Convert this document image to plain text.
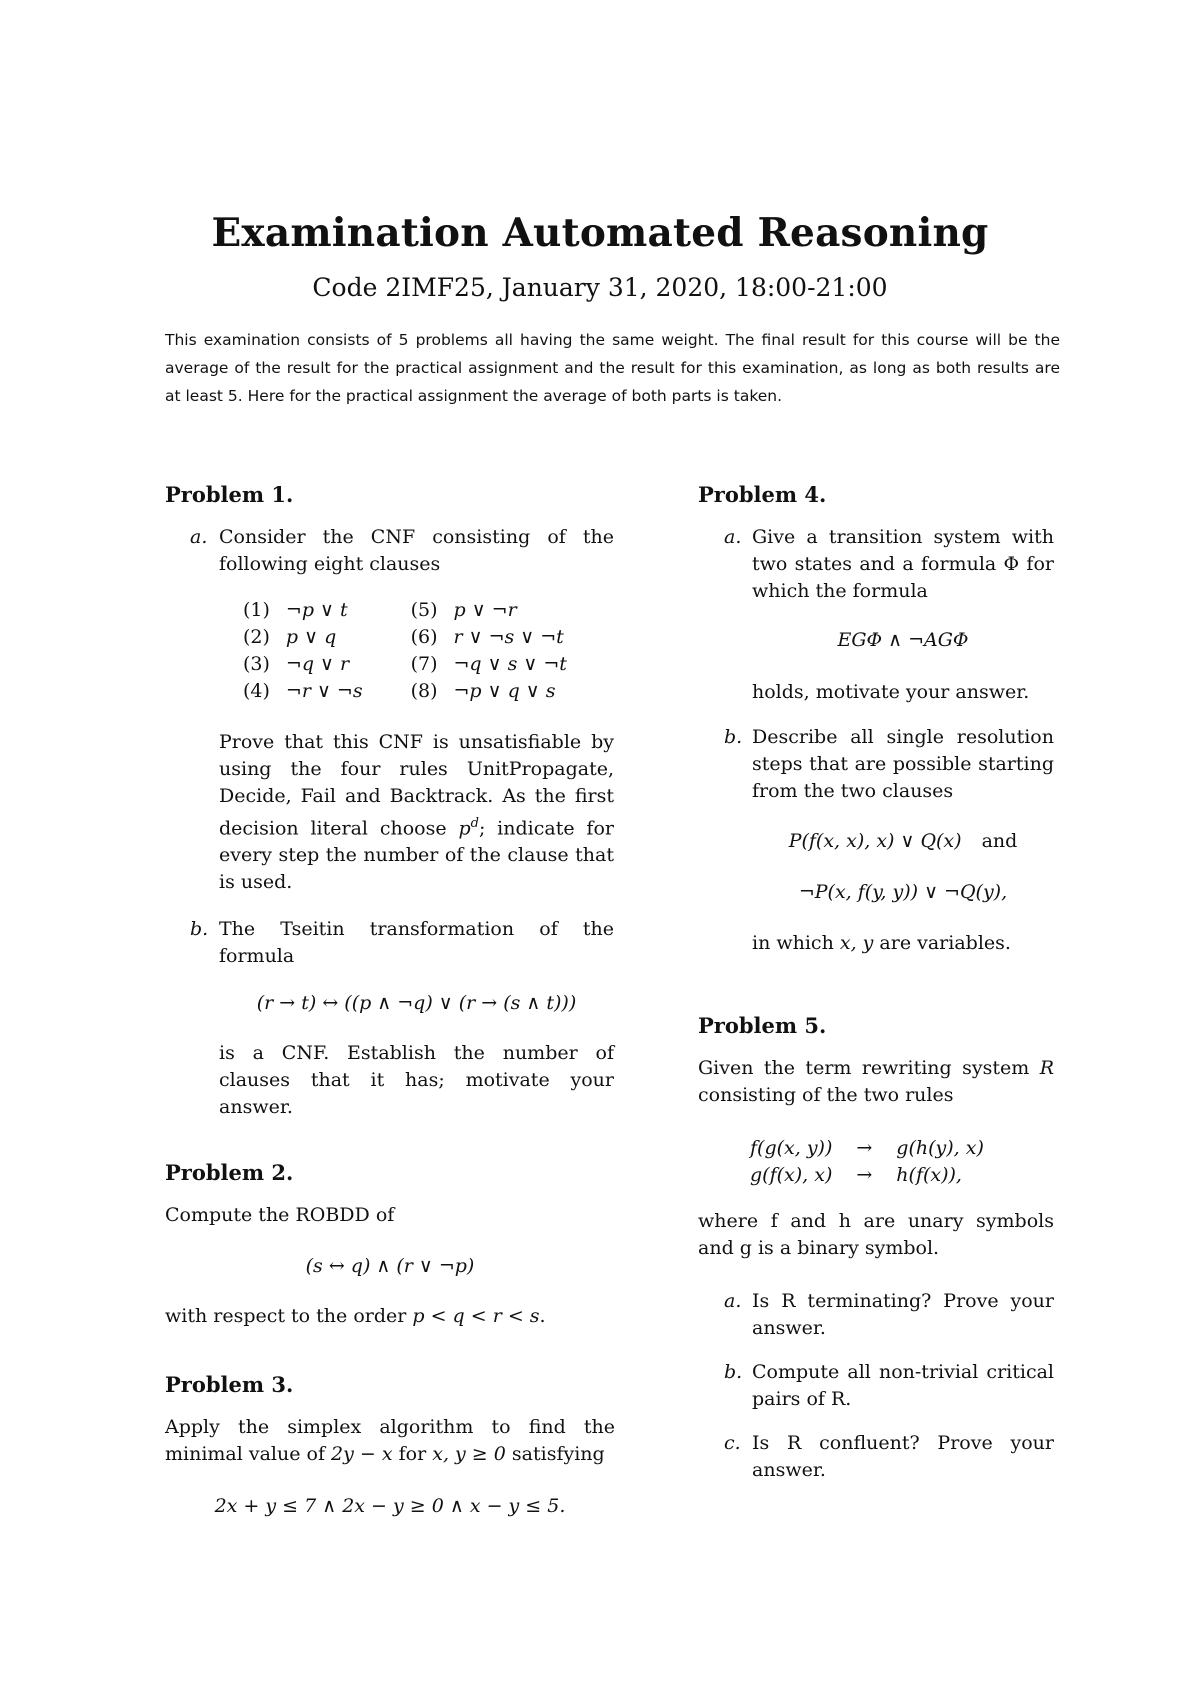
Examination Automated Reasoning
Code 2IMF25, January 31, 2020, 18:00-21:00
This examination consists of 5 problems all having the same weight. The final result for this course will be the average of the result for the practical assignment and the result for this examination, as long as both results are at least 5. Here for the practical assignment the average of both parts is taken.
Problem 1.
a. Consider the CNF consisting of the following eight clauses
(1)	¬p ∨ t	(5)	p ∨ ¬r
(2)	p ∨ q	(6)	r ∨ ¬s ∨ ¬t
(3)	¬q ∨ r	(7)	¬q ∨ s ∨ ¬t
(4)	¬r ∨ ¬s	(8)	¬p ∨ q ∨ s
Prove that this CNF is unsatisfiable by using the four rules UnitPropagate, Decide, Fail and Backtrack. As the first decision literal choose $p^d$; indicate for every step the number of the clause that is used.
b. The Tseitin transformation of the formula
(r → t) ↔ ((p ∧ ¬q) ∨ (r → (s ∧ t)))
is a CNF. Establish the number of clauses that it has; motivate your answer.
Problem 2.
Compute the ROBDD of
(s ↔ q) ∧ (r ∨ ¬p)
with respect to the order p < q < r < s.
Problem 3.
Apply the simplex algorithm to find the minimal value of 2y − x for x, y ≥ 0 satisfying
2x + y ≤ 7 ∧ 2x − y ≥ 0 ∧ x − y ≤ 5.
Problem 4.
a. Give a transition system with two states and a formula Φ for which the formula
EGΦ ∧ ¬AGΦ
holds, motivate your answer.
b. Describe all single resolution steps that are possible starting from the two clauses
P(f(x, x), x) ∨ Q(x) and
¬P(x, f(y, y)) ∨ ¬Q(y),
in which x, y are variables.
Problem 5.
Given the term rewriting system R consisting of the two rules
f(g(x, y))	→	g(h(y), x)
g(f(x), x)	→	h(f(x)),
where f and h are unary symbols and g is a binary symbol.
a. Is R terminating? Prove your answer.
b. Compute all non-trivial critical pairs of R.
c. Is R confluent? Prove your answer.
